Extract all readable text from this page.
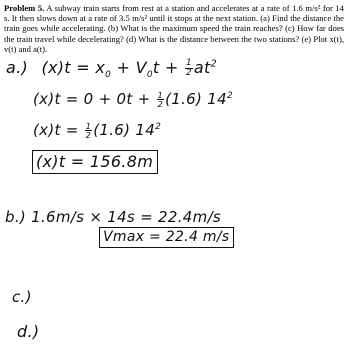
Problem 5. A subway train starts from rest at a station and accelerates at a rate of 1.6 m/s² for 14 s. It then slows down at a rate of 3.5 m/s² until it stops at the next station. (a) Find the distance the train goes while accelerating. (b) What is the maximum speed the train reaches? (c) How far does the train travel while decelerating? (d) What is the distance between the two stations? (e) Plot x(t), v(t) and a(t).
a.) $(x)t = x_0 + V_0t + \frac{1}{2} at^2$
$(x)t = 0 + 0t + \frac{1}{2} (1.6)$ $14^2$
$(x)t = \frac{1}{2} (1.6)$ $14^2$
(x)t = 156.8m
b.) 1.6m/s × 14s = 22.4m/s
Vmax = 22.4 m/s
c.)
d.)
